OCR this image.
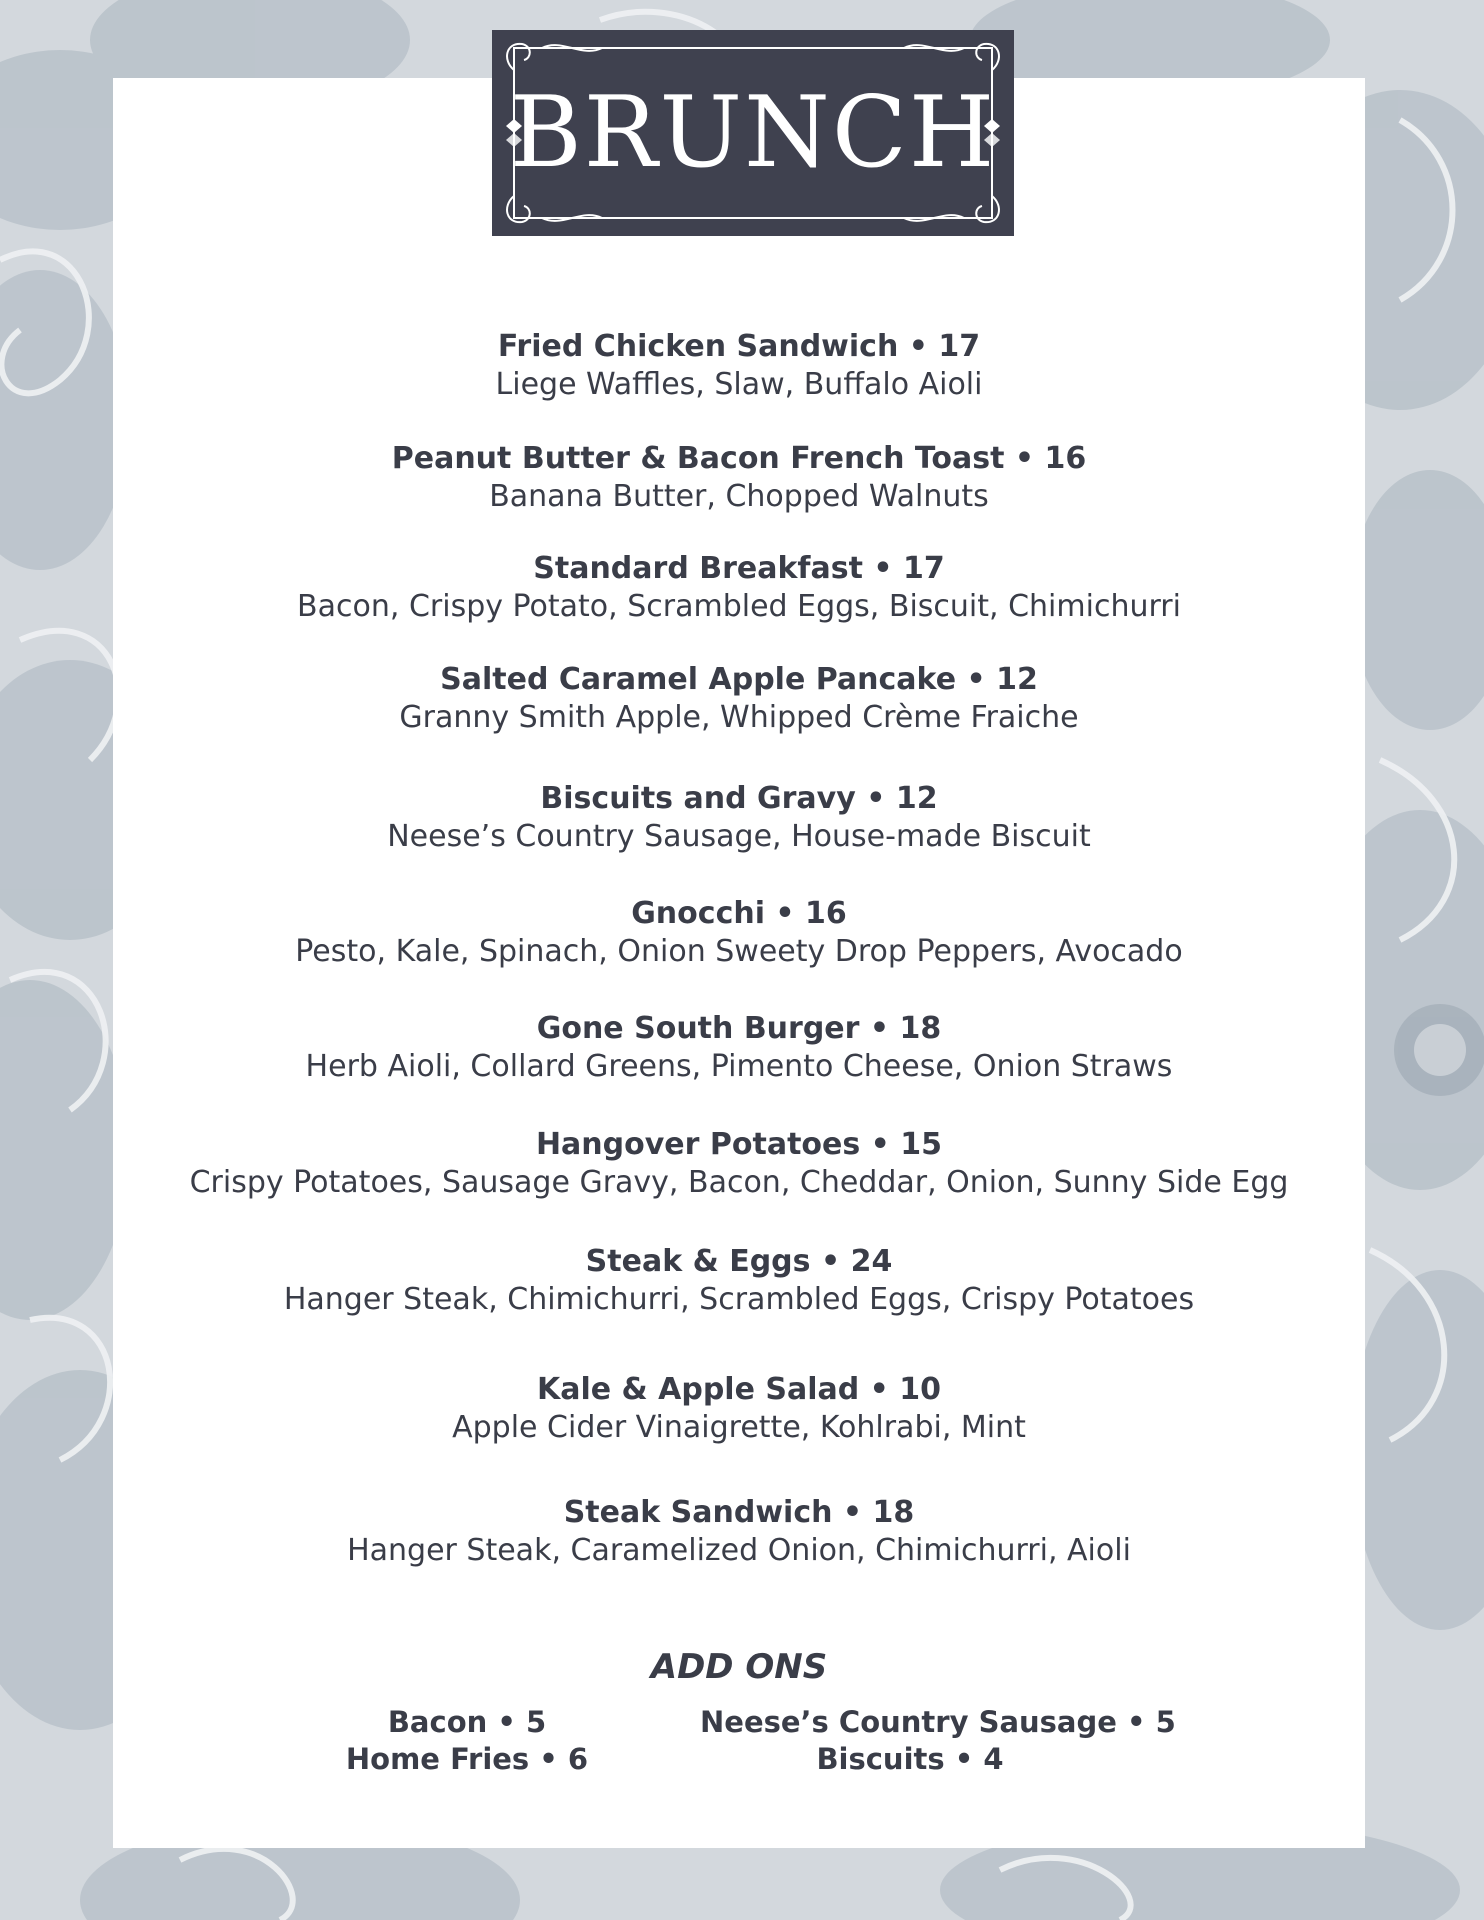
BRUNCH
Fried Chicken Sandwich • 17
Liege Waffles, Slaw, Buffalo Aioli
Peanut Butter & Bacon French Toast • 16
Banana Butter, Chopped Walnuts
Standard Breakfast • 17
Bacon, Crispy Potato, Scrambled Eggs, Biscuit, Chimichurri
Salted Caramel Apple Pancake • 12
Granny Smith Apple, Whipped Crème Fraiche
Biscuits and Gravy • 12
Neese’s Country Sausage, House-made Biscuit
Gnocchi • 16
Pesto, Kale, Spinach, Onion Sweety Drop Peppers, Avocado
Gone South Burger • 18
Herb Aioli, Collard Greens, Pimento Cheese, Onion Straws
Hangover Potatoes • 15
Crispy Potatoes, Sausage Gravy, Bacon, Cheddar, Onion, Sunny Side Egg
Steak & Eggs • 24
Hanger Steak, Chimichurri, Scrambled Eggs, Crispy Potatoes
Kale & Apple Salad • 10
Apple Cider Vinaigrette, Kohlrabi, Mint
Steak Sandwich • 18
Hanger Steak, Caramelized Onion, Chimichurri, Aioli
ADD ONS
Bacon • 5
Home Fries • 6
Neese’s Country Sausage • 5
Biscuits • 4
